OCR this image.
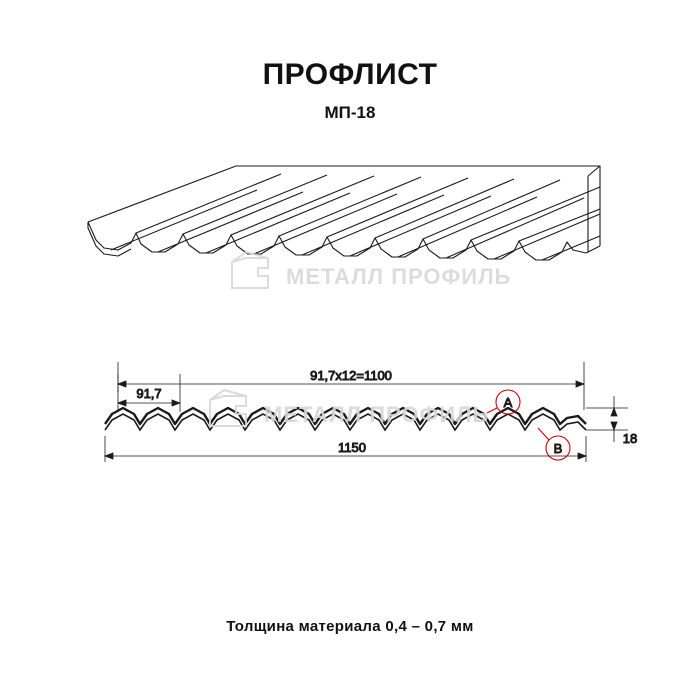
ПРОФЛИСТ
МП-18
МЕТАЛЛ ПРОФИЛЬ
91,7х12=1100
91,7
1150
18
A
B
МЕТАЛЛ ПРОФИЛЬ
Толщина материала 0,4 – 0,7 мм
